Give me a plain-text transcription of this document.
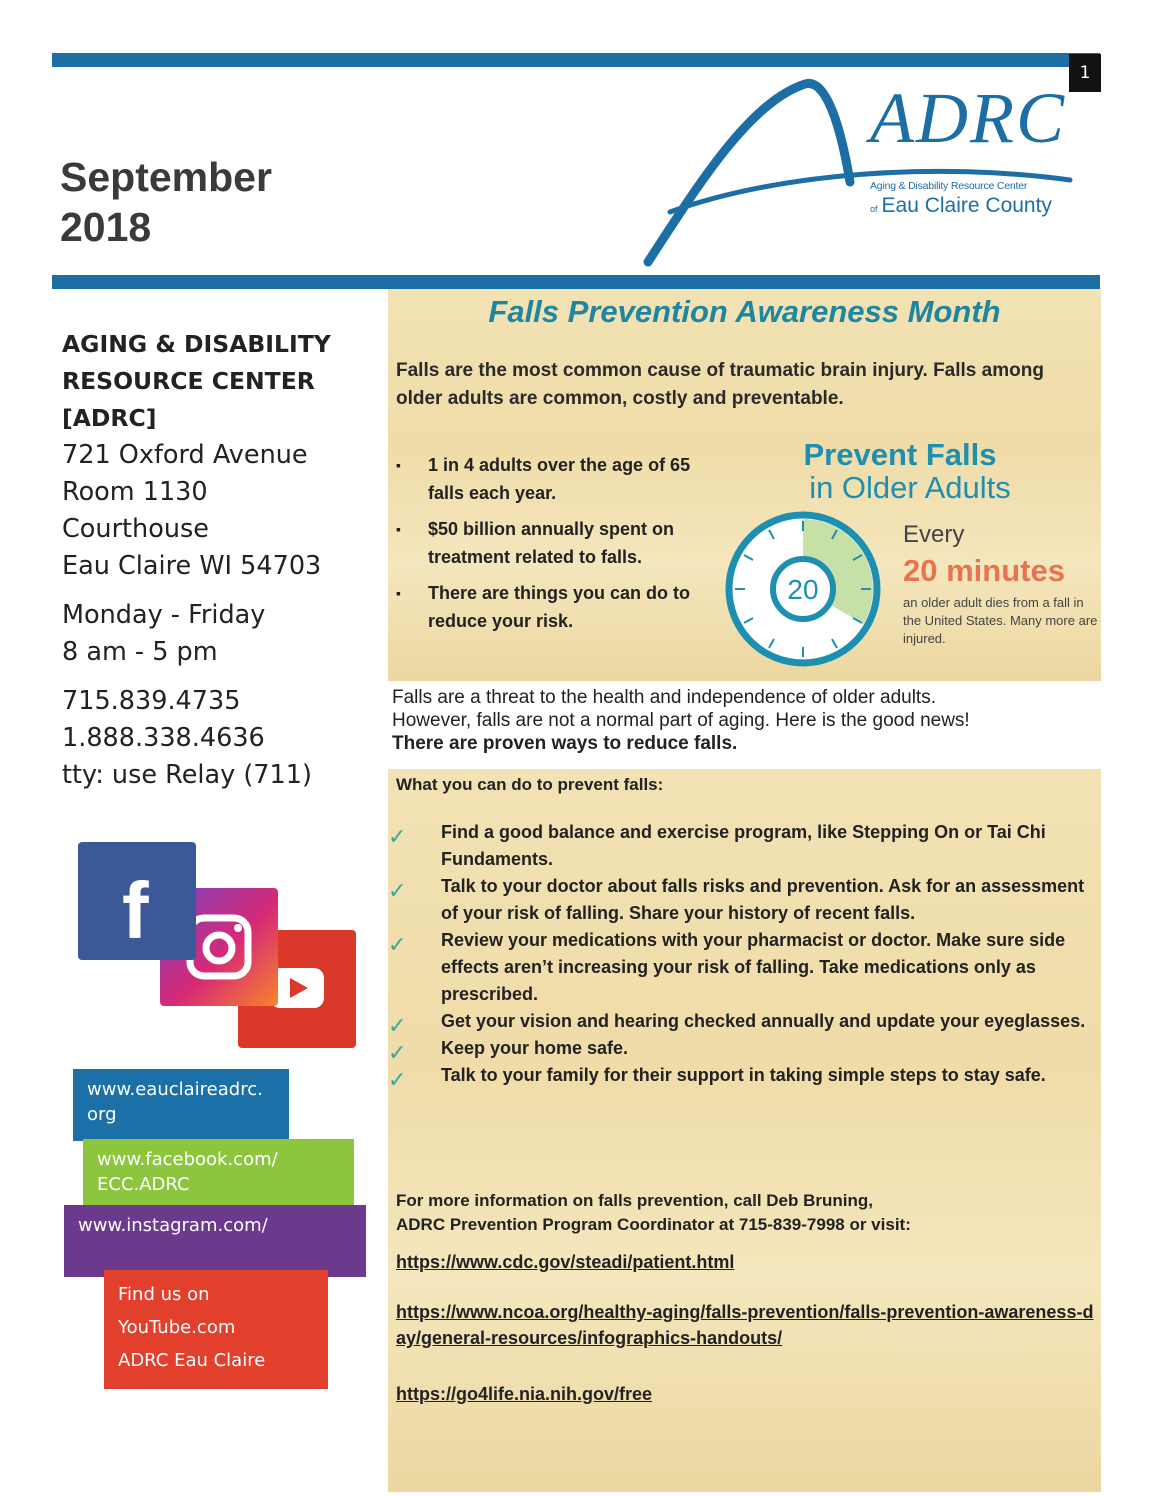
1
September
2018
ADRC
Aging & Disability Resource Center
of Eau Claire County
AGING & DISABILITY
RESOURCE CENTER
[ADRC]
721 Oxford Avenue
Room 1130
Courthouse
Eau Claire WI 54703
Monday - Friday
8 am - 5 pm
715.839.4735
1.888.338.4636
tty: use Relay (711)
f
www.eauclaireadrc.
org
www.facebook.com/
ECC.ADRC
www.instagram.com/
Find us on
YouTube.com
ADRC Eau Claire
Falls Prevention Awareness Month
Falls are the most common cause of traumatic brain injury. Falls among older adults are common, costly and preventable.
▪ 1 in 4 adults over the age of 65 falls each year.
▪ $50 billion annually spent on treatment related to falls.
▪ There are things you can do to reduce your risk.
Prevent Falls
in Older Adults
20
Every
20 minutes
an older adult dies from a fall in the United States. Many more are injured.
Falls are a threat to the health and independence of older adults.
However, falls are not a normal part of aging. Here is the good news!
There are proven ways to reduce falls.
What you can do to prevent falls:
✓ Find a good balance and exercise program, like Stepping On or Tai Chi Fundaments.
✓ Talk to your doctor about falls risks and prevention. Ask for an assessment of your risk of falling. Share your history of recent falls.
✓ Review your medications with your pharmacist or doctor. Make sure side effects aren’t increasing your risk of falling. Take medications only as prescribed.
✓ Get your vision and hearing checked annually and update your eyeglasses.
✓ Keep your home safe.
✓ Talk to your family for their support in taking simple steps to stay safe.
For more information on falls prevention, call Deb Bruning,
ADRC Prevention Program Coordinator at 715-839-7998 or visit:
https://www.cdc.gov/steadi/patient.html
https://www.ncoa.org/healthy-aging/falls-prevention/falls-prevention-awareness-day/general-resources/infographics-handouts/
https://go4life.nia.nih.gov/free
